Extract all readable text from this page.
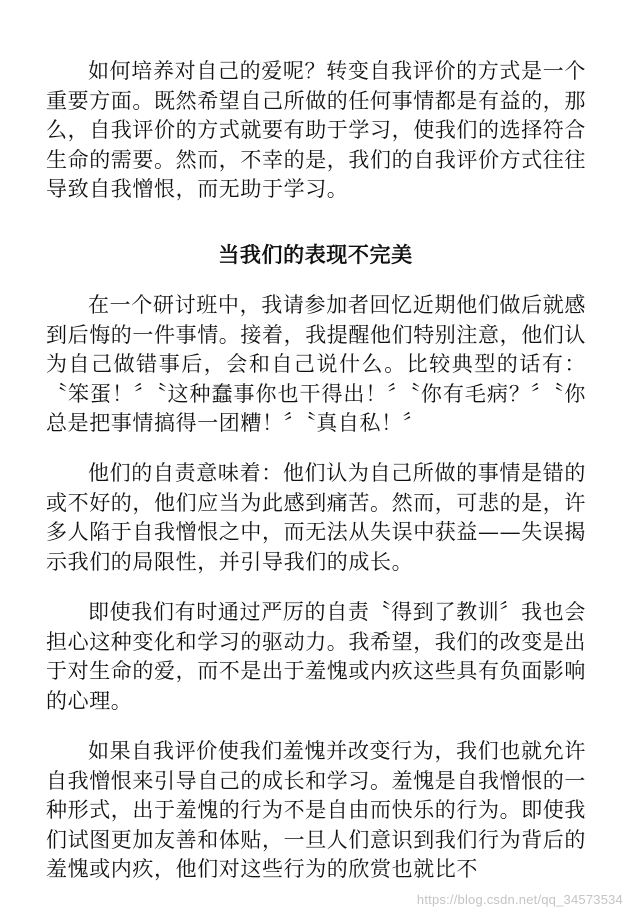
如何培养对自己的爱呢？转变自我评价的方式是一个重要方面。既然希望自己所做的任何事情都是有益的，那么，自我评价的方式就要有助于学习，使我们的选择符合生命的需要。然而，不幸的是，我们的自我评价方式往往导致自我憎恨，而无助于学习。

当我们的表现不完美

在一个研讨班中，我请参加者回忆近期他们做后就感到后悔的一件事情。接着，我提醒他们特别注意，他们认为自己做错事后，会和自己说什么。比较典型的话有：〝笨蛋！〞〝这种蠢事你也干得出！〞〝你有毛病？〞〝你总是把事情搞得一团糟！〞〝真自私！〞

他们的自责意味着：他们认为自己所做的事情是错的或不好的，他们应当为此感到痛苦。然而，可悲的是，许多人陷于自我憎恨之中，而无法从失误中获益——失误揭示我们的局限性，并引导我们的成长。

即使我们有时通过严厉的自责〝得到了教训〞我也会担心这种变化和学习的驱动力。我希望，我们的改变是出于对生命的爱，而不是出于羞愧或内疚这些具有负面影响的心理。

如果自我评价使我们羞愧并改变行为，我们也就允许自我憎恨来引导自己的成长和学习。羞愧是自我憎恨的一种形式，出于羞愧的行为不是自由而快乐的行为。即使我们试图更加友善和体贴，一旦人们意识到我们行为背后的羞愧或内疚，他们对这些行为的欣赏也就比不

https://blog.csdn.net/qq_34573534
